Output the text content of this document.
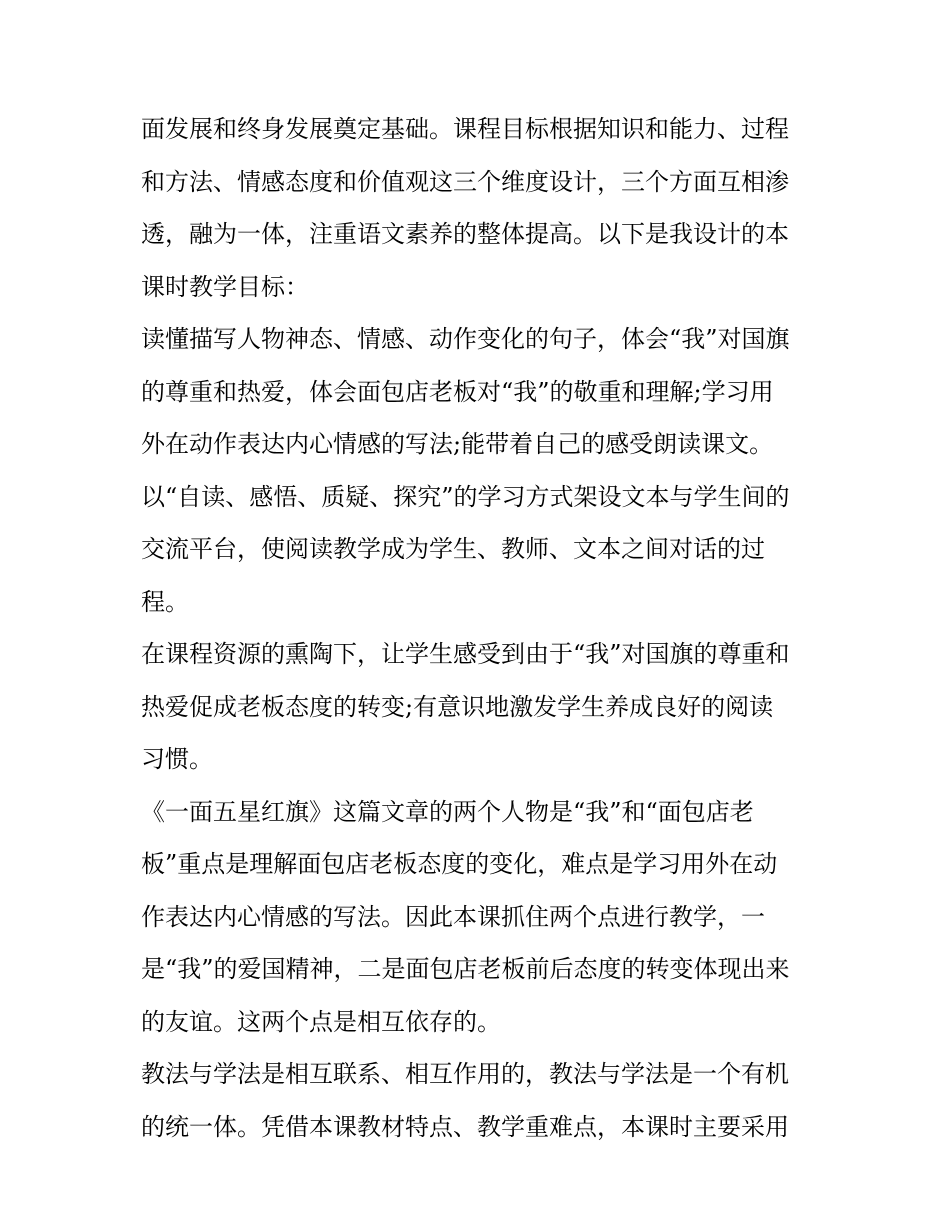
面发展和终身发展奠定基础。课程目标根据知识和能力、过程
和方法、情感态度和价值观这三个维度设计，三个方面互相渗
透，融为一体，注重语文素养的整体提高。以下是我设计的本
课时教学目标：

读懂描写人物神态、情感、动作变化的句子，体会“我”对国旗
的尊重和热爱，体会面包店老板对“我”的敬重和理解;学习用
外在动作表达内心情感的写法;能带着自己的感受朗读课文。

以“自读、感悟、质疑、探究”的学习方式架设文本与学生间的
交流平台，使阅读教学成为学生、教师、文本之间对话的过
程。

在课程资源的熏陶下，让学生感受到由于“我”对国旗的尊重和
热爱促成老板态度的转变;有意识地激发学生养成良好的阅读
习惯。

《一面五星红旗》这篇文章的两个人物是“我”和“面包店老
板”重点是理解面包店老板态度的变化，难点是学习用外在动
作表达内心情感的写法。因此本课抓住两个点进行教学，一
是“我”的爱国精神，二是面包店老板前后态度的转变体现出来
的友谊。这两个点是相互依存的。

教法与学法是相互联系、相互作用的，教法与学法是一个有机
的统一体。凭借本课教材特点、教学重难点，本课时主要采用
